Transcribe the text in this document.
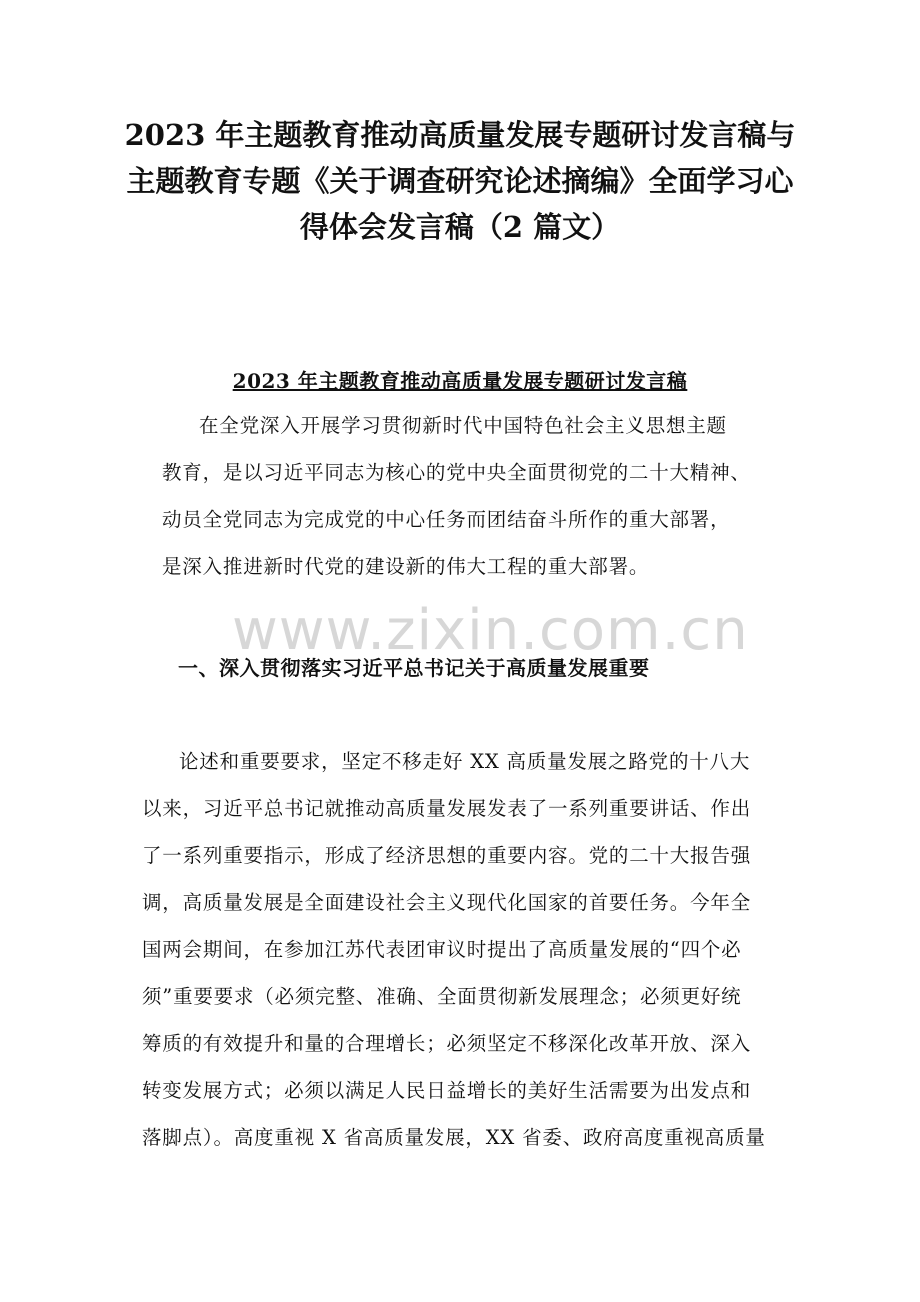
2023 年主题教育推动高质量发展专题研讨发言稿与
主题教育专题《关于调查研究论述摘编》全面学习心
得体会发言稿（2 篇文）
2023 年主题教育推动高质量发展专题研讨发言稿
在全党深入开展学习贯彻新时代中国特色社会主义思想主题
教育，是以习近平同志为核心的党中央全面贯彻党的二十大精神、
动员全党同志为完成党的中心任务而团结奋斗所作的重大部署，
是深入推进新时代党的建设新的伟大工程的重大部署。
www.zixin.com.cn
一、深入贯彻落实习近平总书记关于高质量发展重要
论述和重要要求，坚定不移走好 XX 高质量发展之路党的十八大
以来，习近平总书记就推动高质量发展发表了一系列重要讲话、作出
了一系列重要指示，形成了经济思想的重要内容。党的二十大报告强
调，高质量发展是全面建设社会主义现代化国家的首要任务。今年全
国两会期间，在参加江苏代表团审议时提出了高质量发展的“四个必
须”重要要求（必须完整、准确、全面贯彻新发展理念；必须更好统
筹质的有效提升和量的合理增长；必须坚定不移深化改革开放、深入
转变发展方式；必须以满足人民日益增长的美好生活需要为出发点和
落脚点）。高度重视 X 省高质量发展，XX 省委、政府高度重视高质量
